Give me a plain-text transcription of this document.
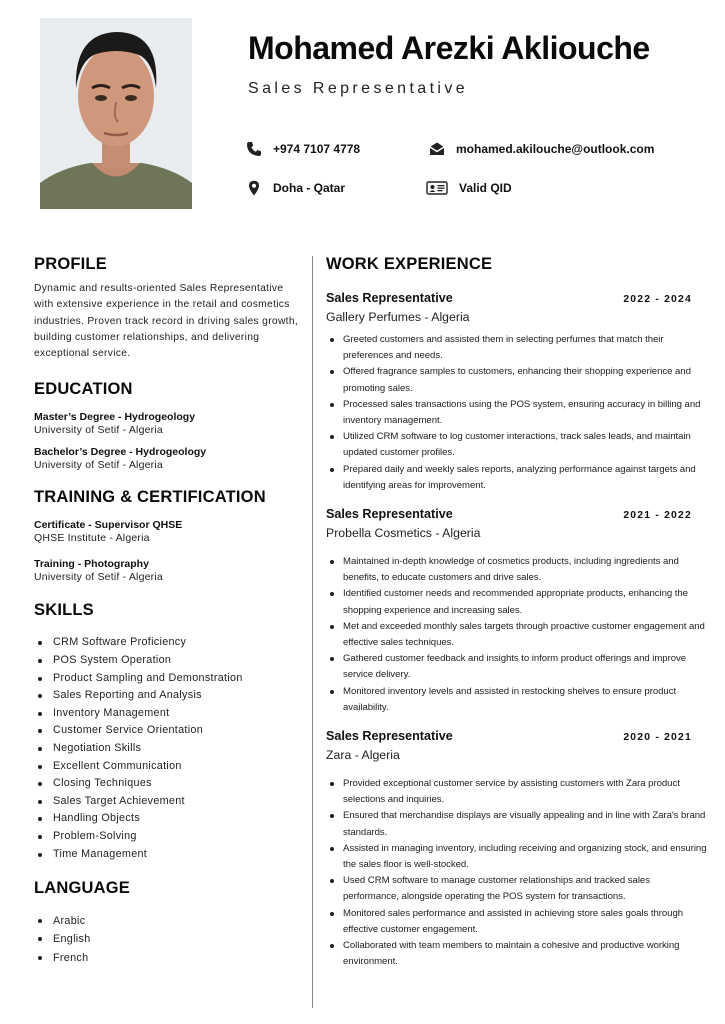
Mohamed Arezki Akliouche
Sales Representative
+974 7107 4778	mohamed.akilouche@outlook.com
Doha - Qatar	Valid QID
PROFILE

Dynamic and results-oriented Sales Representative with extensive experience in the retail and cosmetics industries. Proven track record in driving sales growth, building customer relationships, and delivering exceptional service.

EDUCATION
Master’s Degree - Hydrogeology
University of Setif - Algeria
Bachelor’s Degree - Hydrogeology
University of Setif - Algeria
TRAINING & CERTIFICATION
Certificate - Supervisor QHSE
QHSE Institute - Algeria
Training - Photography
University of Setif - Algeria
SKILLS
CRM Software Proficiency
POS System Operation
Product Sampling and Demonstration
Sales Reporting and Analysis
Inventory Management
Customer Service Orientation
Negotiation Skills
Excellent Communication
Closing Techniques
Sales Target Achievement
Handling Objects
Problem-Solving
Time Management
LANGUAGE
Arabic
English
French
WORK EXPERIENCE
Sales Representative	2022 - 2024
Gallery Perfumes - Algeria
Greeted customers and assisted them in selecting perfumes that match their preferences and needs.
Offered fragrance samples to customers, enhancing their shopping experience and promoting sales.
Processed sales transactions using the POS system, ensuring accuracy in billing and inventory management.
Utilized CRM software to log customer interactions, track sales leads, and maintain updated customer profiles.
Prepared daily and weekly sales reports, analyzing performance against targets and identifying areas for improvement.
Sales Representative	2021 - 2022
Probella Cosmetics - Algeria
Maintained in-depth knowledge of cosmetics products, including ingredients and benefits, to educate customers and drive sales.
Identified customer needs and recommended appropriate products, enhancing the shopping experience and increasing sales.
Met and exceeded monthly sales targets through proactive customer engagement and effective sales techniques.
Gathered customer feedback and insights to inform product offerings and improve service delivery.
Monitored inventory levels and assisted in restocking shelves to ensure product availability.
Sales Representative	2020 - 2021
Zara - Algeria
Provided exceptional customer service by assisting customers with Zara product selections and inquiries.
Ensured that merchandise displays are visually appealing and in line with Zara's brand standards.
Assisted in managing inventory, including receiving and organizing stock, and ensuring the sales floor is well-stocked.
Used CRM software to manage customer relationships and tracked sales performance, alongside operating the POS system for transactions.
Monitored sales performance and assisted in achieving store sales goals through effective customer engagement.
Collaborated with team members to maintain a cohesive and productive working environment.
